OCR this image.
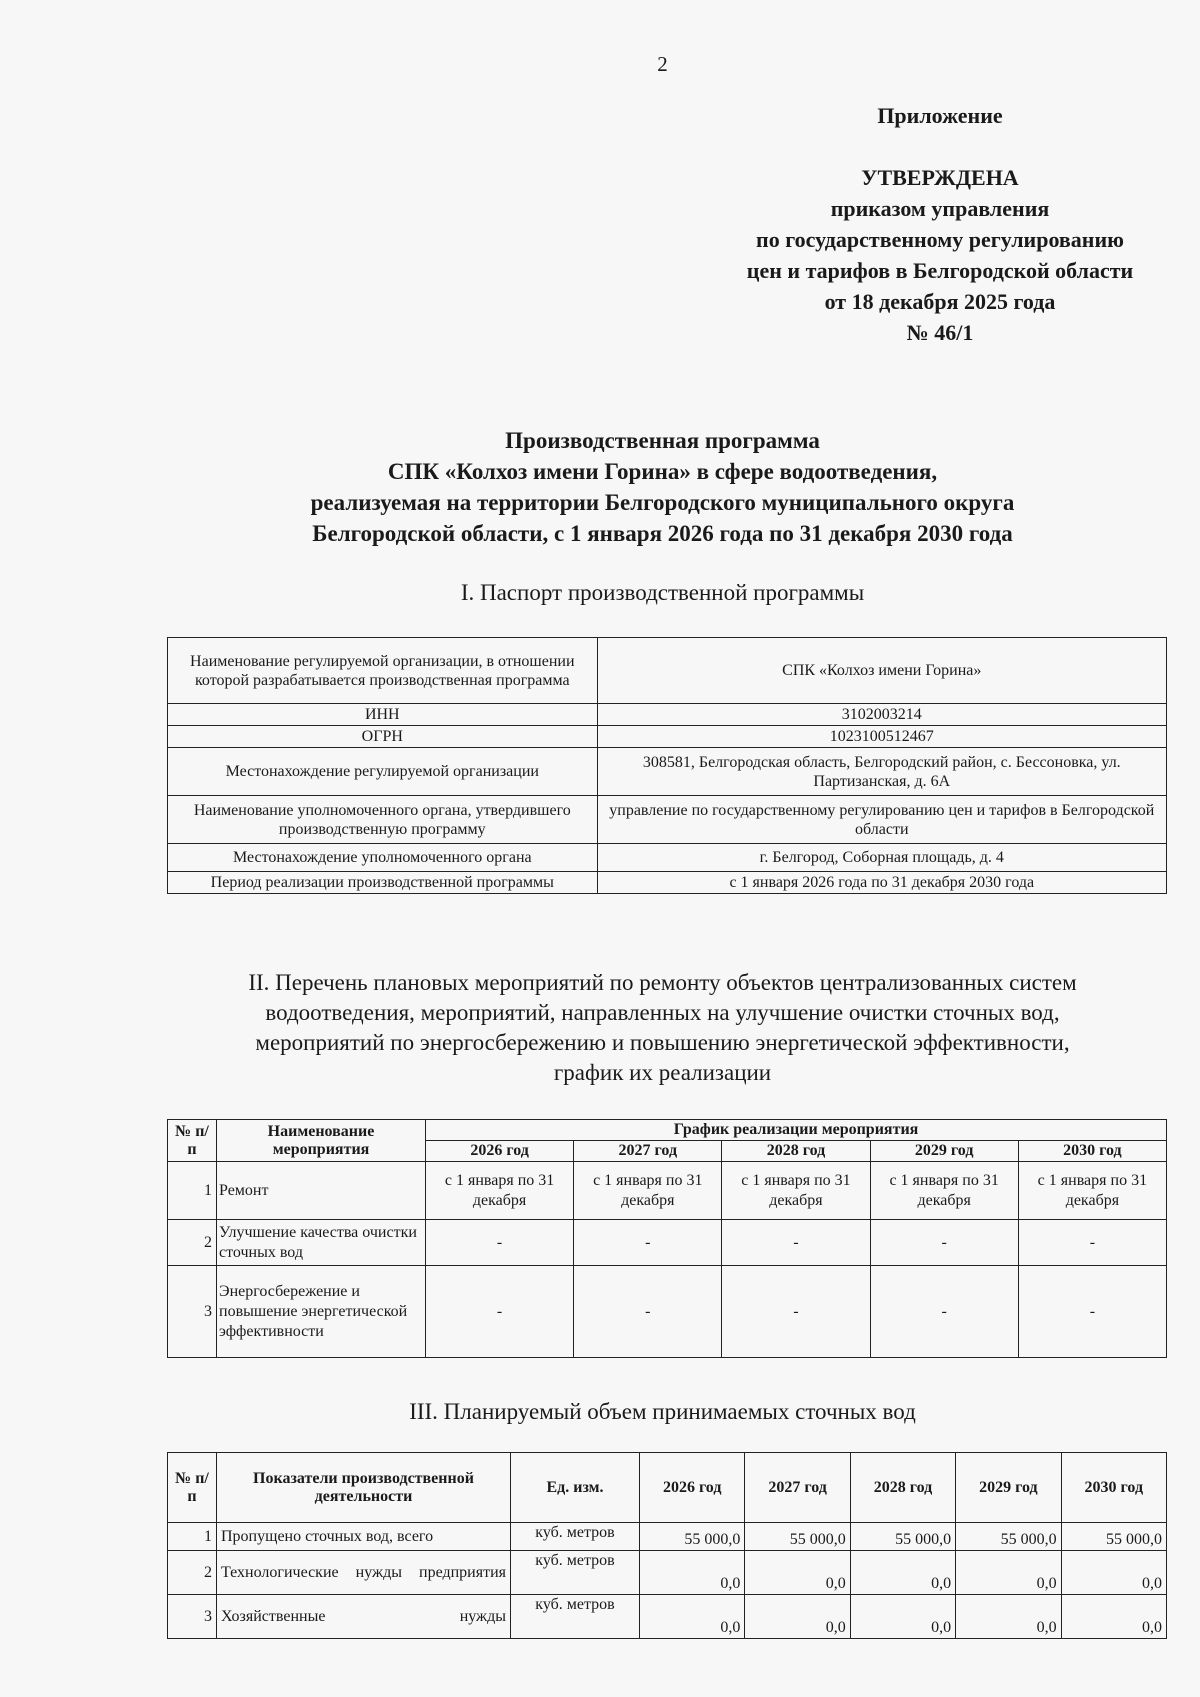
2
Приложение
УТВЕРЖДЕНА
приказом управления
по государственному регулированию
цен и тарифов в Белгородской области
от 18 декабря 2025 года
№ 46/1
Производственная программа
СПК «Колхоз имени Горина» в сфере водоотведения,
реализуемая на территории Белгородского муниципального округа
Белгородской области, с 1 января 2026 года по 31 декабря 2030 года
I. Паспорт производственной программы
Наименование регулируемой организации, в отношении которой разрабатывается производственная программа	СПК «Колхоз имени Горина»
ИНН	3102003214
ОГРН	1023100512467
Местонахождение регулируемой организации	308581, Белгородская область, Белгородский район, с. Бессоновка, ул. Партизанская, д. 6А
Наименование уполномоченного органа, утвердившего производственную программу	управление по государственному регулированию цен и тарифов в Белгородской области
Местонахождение уполномоченного органа	г. Белгород, Соборная площадь, д. 4
Период реализации производственной программы	с 1 января 2026 года по 31 декабря 2030 года
II. Перечень плановых мероприятий по ремонту объектов централизованных систем
водоотведения, мероприятий, направленных на улучшение очистки сточных вод,
мероприятий по энергосбережению и повышению энергетической эффективности,
график их реализации
№ п/п	Наименование мероприятия	График реализации мероприятия				
		2026 год	2027 год	2028 год	2029 год	2030 год
1	Ремонт	с 1 января по 31 декабря	с 1 января по 31 декабря	с 1 января по 31 декабря	с 1 января по 31 декабря	с 1 января по 31 декабря
2	Улучшение качества очистки сточных вод	-	-	-	-	-
3	Энергосбережение и повышение энергетической эффективности	-	-	-	-	-
III. Планируемый объем принимаемых сточных вод
№ п/п	Показатели производственной деятельности	Ед. изм.	2026 год	2027 год	2028 год	2029 год	2030 год
1	Пропущено сточных вод, всего	куб. метров	55 000,0	55 000,0	55 000,0	55 000,0	55 000,0
2	Технологические нужды предприятия	куб. метров	0,0	0,0	0,0	0,0	0,0
3	Хозяйственные нужды	куб. метров	0,0	0,0	0,0	0,0	0,0
